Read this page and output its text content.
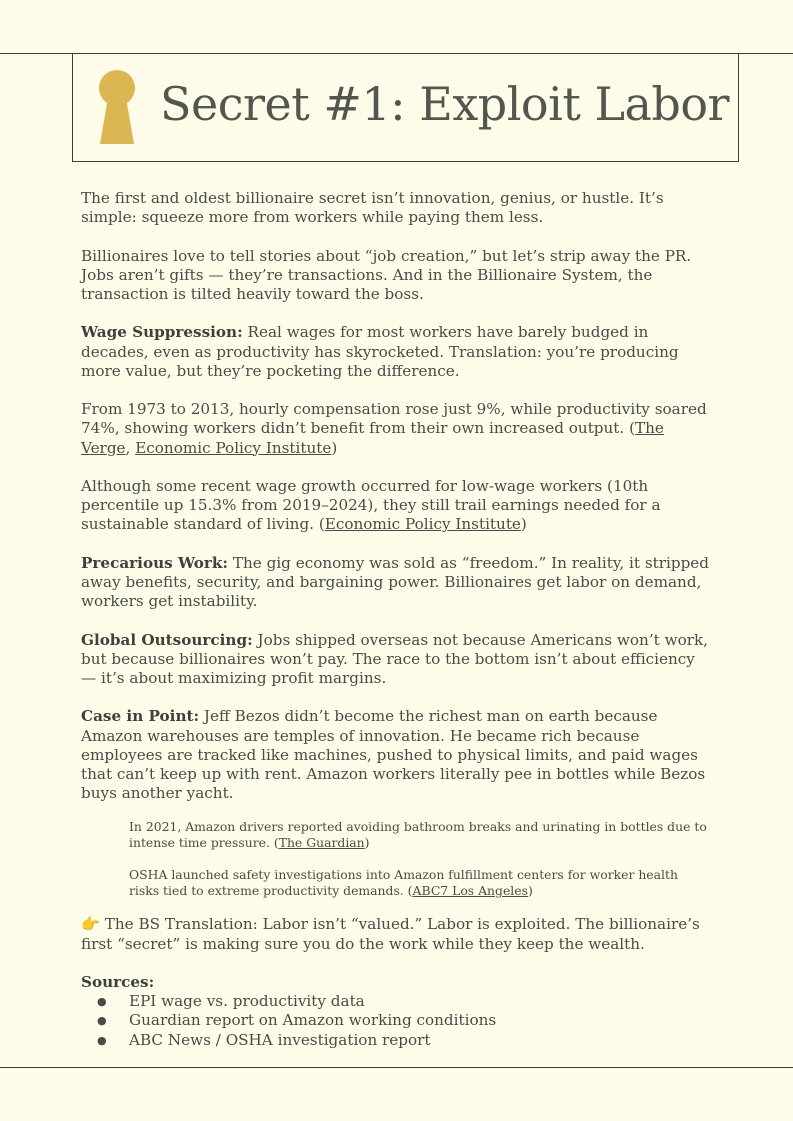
Secret #1: Exploit Labor

The first and oldest billionaire secret isn’t innovation, genius, or hustle. It’s simple: squeeze more from workers while paying them less.

Billionaires love to tell stories about “job creation,” but let’s strip away the PR. Jobs aren’t gifts — they’re transactions. And in the Billionaire System, the transaction is tilted heavily toward the boss.

Wage Suppression: Real wages for most workers have barely budged in decades, even as productivity has skyrocketed. Translation: you’re producing more value, but they’re pocketing the difference.

From 1973 to 2013, hourly compensation rose just 9%, while productivity soared 74%, showing workers didn’t benefit from their own increased output. (The Verge, Economic Policy Institute)

Although some recent wage growth occurred for low-wage workers (10th percentile up 15.3% from 2019–2024), they still trail earnings needed for a sustainable standard of living. (Economic Policy Institute)

Precarious Work: The gig economy was sold as “freedom.” In reality, it stripped away benefits, security, and bargaining power. Billionaires get labor on demand, workers get instability.

Global Outsourcing: Jobs shipped overseas not because Americans won’t work, but because billionaires won’t pay. The race to the bottom isn’t about efficiency — it’s about maximizing profit margins.

Case in Point: Jeff Bezos didn’t become the richest man on earth because Amazon warehouses are temples of innovation. He became rich because employees are tracked like machines, pushed to physical limits, and paid wages that can’t keep up with rent. Amazon workers literally pee in bottles while Bezos buys another yacht.

In 2021, Amazon drivers reported avoiding bathroom breaks and urinating in bottles due to intense time pressure. (The Guardian)

OSHA launched safety investigations into Amazon fulfillment centers for worker health risks tied to extreme productivity demands. (ABC7 Los Angeles)

👉 The BS Translation: Labor isn’t “valued.” Labor is exploited. The billionaire’s first “secret” is making sure you do the work while they keep the wealth.

Sources:

● EPI wage vs. productivity data
● Guardian report on Amazon working conditions
● ABC News / OSHA investigation report
